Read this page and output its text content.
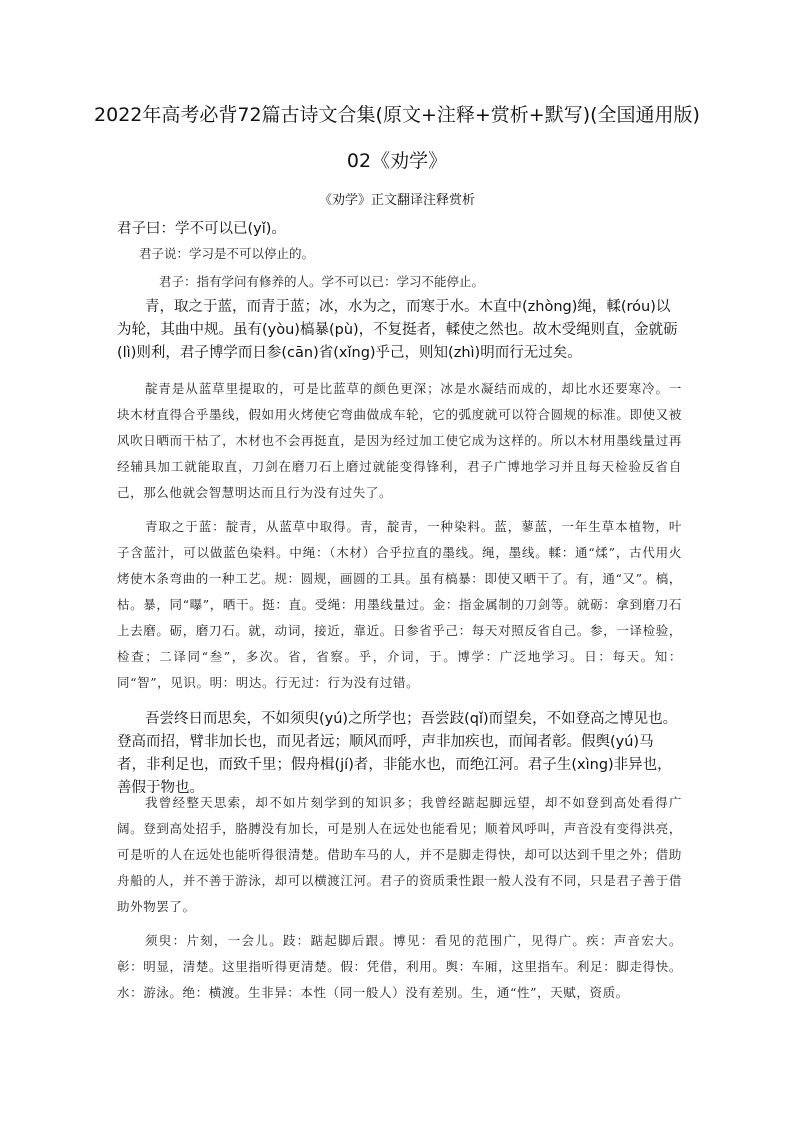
2022年高考必背72篇古诗文合集(原文+注释+赏析+默写)(全国通用版)
02《劝学》
《劝学》正文翻译注释赏析

君子曰：学不可以已(yǐ)。

君子说：学习是不可以停止的。

君子：指有学问有修养的人。学不可以已：学习不能停止。

青，取之于蓝，而青于蓝；冰，水为之，而寒于水。木直中(zhòng)绳，輮(róu)以为轮，其曲中规。虽有(yòu)槁暴(pù)，不复挺者，輮使之然也。故木受绳则直，金就砺(lì)则利，君子博学而日参(cān)省(xǐng)乎己，则知(zhì)明而行无过矣。

靛青是从蓝草里提取的，可是比蓝草的颜色更深；冰是水凝结而成的，却比水还要寒冷。一块木材直得合乎墨线，假如用火烤使它弯曲做成车轮，它的弧度就可以符合圆规的标准。即使又被风吹日晒而干枯了，木材也不会再挺直，是因为经过加工使它成为这样的。所以木材用墨线量过再经辅具加工就能取直，刀剑在磨刀石上磨过就能变得锋利，君子广博地学习并且每天检验反省自己，那么他就会智慧明达而且行为没有过失了。

青取之于蓝：靛青，从蓝草中取得。青，靛青，一种染料。蓝，蓼蓝，一年生草本植物，叶子含蓝汁，可以做蓝色染料。中绳：（木材）合乎拉直的墨线。绳，墨线。輮：通“煣”，古代用火烤使木条弯曲的一种工艺。规：圆规，画圆的工具。虽有槁暴：即使又晒干了。有，通“又”。槁，枯。暴，同“曝”，晒干。挺：直。受绳：用墨线量过。金：指金属制的刀剑等。就砺：拿到磨刀石上去磨。砺，磨刀石。就，动词，接近，靠近。日参省乎己：每天对照反省自己。参，一译检验，检查；二译同“叁”，多次。省，省察。乎，介词，于。博学：广泛地学习。日：每天。知：同“智”，见识。明：明达。行无过：行为没有过错。

吾尝终日而思矣，不如须臾(yú)之所学也；吾尝跂(qǐ)而望矣，不如登高之博见也。登高而招，臂非加长也，而见者远；顺风而呼，声非加疾也，而闻者彰。假舆(yú)马者，非利足也，而致千里；假舟楫(jí)者，非能水也，而绝江河。君子生(xìng)非异也，善假于物也。

我曾经整天思索，却不如片刻学到的知识多；我曾经踮起脚远望，却不如登到高处看得广阔。登到高处招手，胳膊没有加长，可是别人在远处也能看见；顺着风呼叫，声音没有变得洪亮，可是听的人在远处也能听得很清楚。借助车马的人，并不是脚走得快，却可以达到千里之外；借助舟船的人，并不善于游泳，却可以横渡江河。君子的资质秉性跟一般人没有不同，只是君子善于借助外物罢了。

须臾：片刻，一会儿。跂：踮起脚后跟。博见：看见的范围广，见得广。疾：声音宏大。彰：明显，清楚。这里指听得更清楚。假：凭借，利用。舆：车厢，这里指车。利足：脚走得快。水：游泳。绝：横渡。生非异：本性（同一般人）没有差别。生，通“性”，天赋，资质。
